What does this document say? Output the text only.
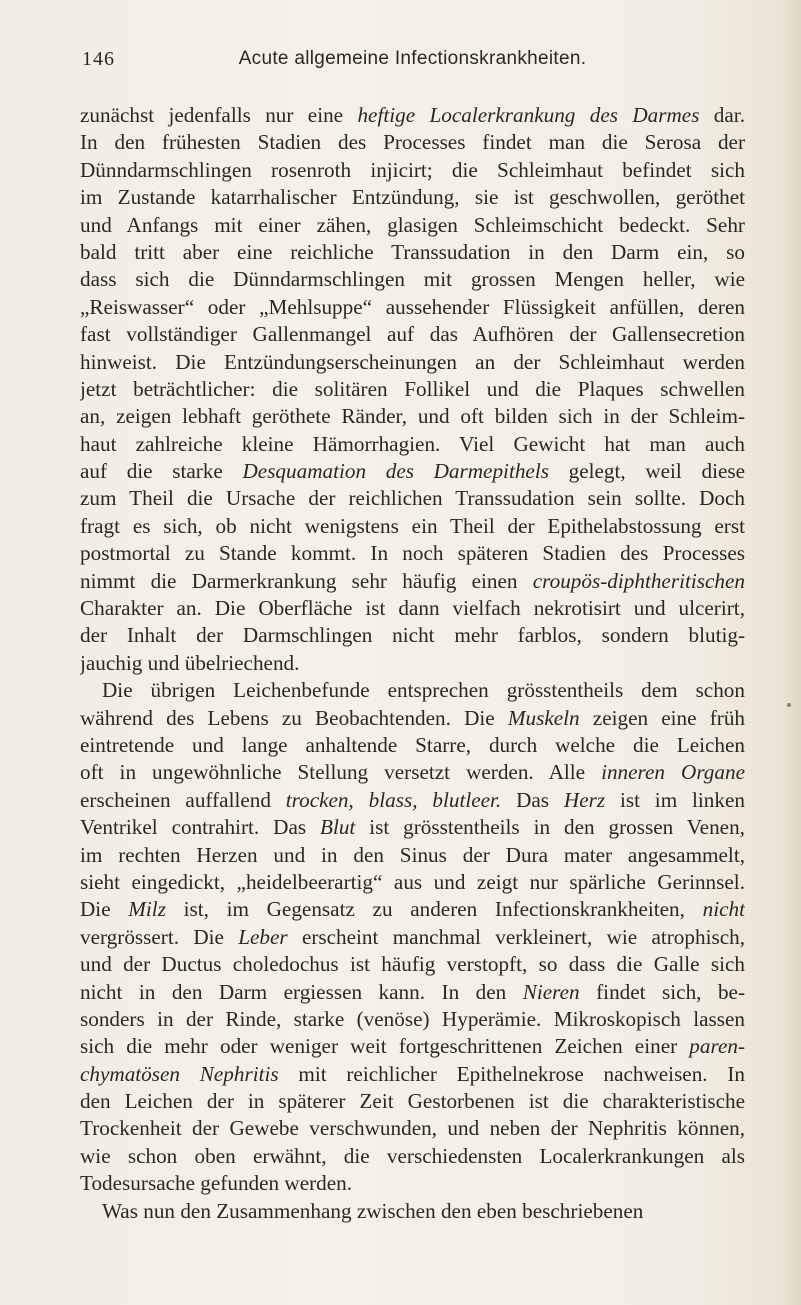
146	Acute allgemeine Infectionskrankheiten.
zunächst jedenfalls nur eine heftige Localerkrankung des Darmes dar.
In den frühesten Stadien des Processes findet man die Serosa der
Dünndarmschlingen rosenroth injicirt; die Schleimhaut befindet sich
im Zustande katarrhalischer Entzündung, sie ist geschwollen, geröthet
und Anfangs mit einer zähen, glasigen Schleimschicht bedeckt. Sehr
bald tritt aber eine reichliche Transsudation in den Darm ein, so
dass sich die Dünndarmschlingen mit grossen Mengen heller, wie
„Reiswasser“ oder „Mehlsuppe“ aussehender Flüssigkeit anfüllen, deren
fast vollständiger Gallenmangel auf das Aufhören der Gallensecretion
hinweist. Die Entzündungserscheinungen an der Schleimhaut werden
jetzt beträchtlicher: die solitären Follikel und die Plaques schwellen
an, zeigen lebhaft geröthete Ränder, und oft bilden sich in der Schleim-
haut zahlreiche kleine Hämorrhagien. Viel Gewicht hat man auch
auf die starke Desquamation des Darmepithels gelegt, weil diese
zum Theil die Ursache der reichlichen Transsudation sein sollte. Doch
fragt es sich, ob nicht wenigstens ein Theil der Epithelabstossung erst
postmortal zu Stande kommt. In noch späteren Stadien des Processes
nimmt die Darmerkrankung sehr häufig einen croupös-diphtheritischen
Charakter an. Die Oberfläche ist dann vielfach nekrotisirt und ulcerirt,
der Inhalt der Darmschlingen nicht mehr farblos, sondern blutig-
jauchig und übelriechend.
Die übrigen Leichenbefunde entsprechen grösstentheils dem schon
während des Lebens zu Beobachtenden. Die Muskeln zeigen eine früh
eintretende und lange anhaltende Starre, durch welche die Leichen
oft in ungewöhnliche Stellung versetzt werden. Alle inneren Organe
erscheinen auffallend trocken, blass, blutleer. Das Herz ist im linken
Ventrikel contrahirt. Das Blut ist grösstentheils in den grossen Venen,
im rechten Herzen und in den Sinus der Dura mater angesammelt,
sieht eingedickt, „heidelbeerartig“ aus und zeigt nur spärliche Gerinnsel.
Die Milz ist, im Gegensatz zu anderen Infectionskrankheiten, nicht
vergrössert. Die Leber erscheint manchmal verkleinert, wie atrophisch,
und der Ductus choledochus ist häufig verstopft, so dass die Galle sich
nicht in den Darm ergiessen kann. In den Nieren findet sich, be-
sonders in der Rinde, starke (venöse) Hyperämie. Mikroskopisch lassen
sich die mehr oder weniger weit fortgeschrittenen Zeichen einer paren-
chymatösen Nephritis mit reichlicher Epithelnekrose nachweisen. In
den Leichen der in späterer Zeit Gestorbenen ist die charakteristische
Trockenheit der Gewebe verschwunden, und neben der Nephritis können,
wie schon oben erwähnt, die verschiedensten Localerkrankungen als
Todesursache gefunden werden.
Was nun den Zusammenhang zwischen den eben beschriebenen
